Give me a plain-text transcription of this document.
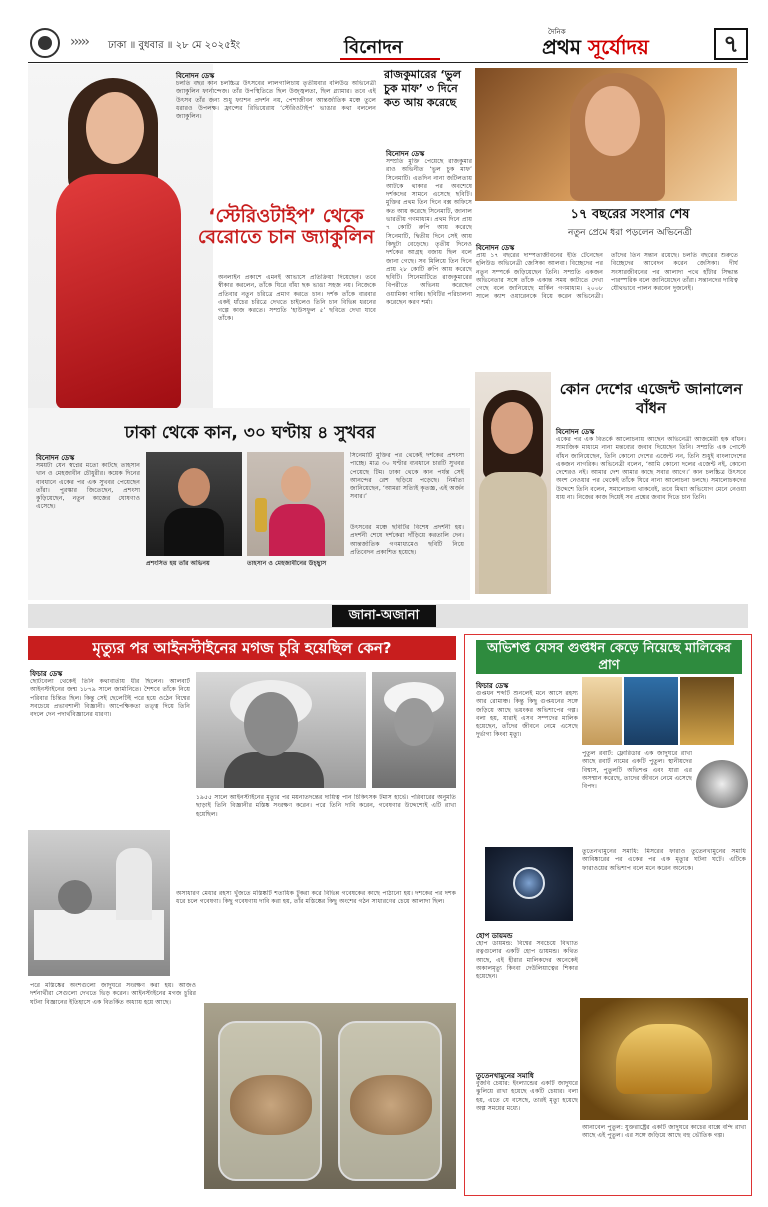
››››› ঢাকা ॥ বুধবার ॥ ২৮ মে ২০২৫ইং	বিনোদন
দৈনিক
প্রথম সূর্যোদয়	৭
বিনোদন ডেস্ক
চলতি বছর কান চলচ্চিত্র উৎসবের লালগালিচায় তৃতীয়বার বলিউড অভিনেত্রী জ্যাকুলিন ফার্নান্দেজ। তাঁর উপস্থিতিতে ছিল উজ্জ্বলতা, ছিল গ্ল্যামার। তবে এই উৎসব তাঁর জন্য শুধু ফ্যাশন প্রদর্শন নয়, পেশাজীবন আন্তর্জাতিক মঞ্চে তুলে ধরারও উপলক্ষ। ফ্রান্সের রিভিয়েরায় ‘স্টেরিওটাইপ’ ভাঙার কথা বললেন জ্যাকুলিন।
‘স্টেরিওটাইপ’ থেকে বেরোতে চান জ্যাকুলিন
অনলাইন প্রকাশে এমনই আভাসে প্রতিক্রিয়া দিয়েছেন। তবে স্বীকার করলেন, তাঁকে ঘিরে বাঁধা ছক ভাঙা সহজ নয়। নিজেকে প্রতিবার নতুন চরিত্রে প্রমাণ করতে চান। দর্শক তাঁকে বারবার একই ধাঁচের চরিত্রে দেখতে চাইলেও তিনি চান বিভিন্ন ধরনের গল্পে কাজ করতে। সম্প্রতি ‘হাউসফুল ৫’ ছবিতে দেখা যাবে তাঁকে।
রাজকুমারের ‘ভুল চুক মাফ’ ৩ দিনে কত আয় করেছে
বিনোদন ডেস্ক
সম্প্রতি মুক্তি পেয়েছে রাজকুমার রাও অভিনীত ‘ভুল চুক মাফ’ সিনেমাটি। এতদিন নানা জটিলতায় আটকে থাকার পর অবশেষে দর্শকদের সামনে এসেছে ছবিটি। মুক্তির প্রথম তিন দিনে বক্স অফিসে কত আয় করেছে সিনেমাটি, জানাল ভারতীয় গণমাধ্যম। প্রথম দিনে প্রায় ৭ কোটি রুপি আয় করেছে সিনেমাটি, দ্বিতীয় দিনে সেই আয় কিছুটা বেড়েছে। তৃতীয় দিনেও দর্শকের আগ্রহ বজায় ছিল বলে জানা গেছে। সব মিলিয়ে তিন দিনে প্রায় ২৮ কোটি রুপি আয় করেছে ছবিটি। সিনেমাটিতে রাজকুমারের বিপরীতে অভিনয় করেছেন ওয়ামিকা গাব্বি। ছবিটির পরিচালনা করেছেন করণ শর্মা।
১৭ বছরের সংসার শেষ
নতুন প্রেমে ধরা পড়লেন অভিনেত্রী
বিনোদন ডেস্ক
প্রায় ১৭ বছরের দাম্পত্যজীবনের ইতি টেনেছেন হলিউড অভিনেত্রী জেসিকা আলবা। বিচ্ছেদের পর নতুন সম্পর্কে জড়িয়েছেন তিনি। সম্প্রতি একজন অভিনেতার সঙ্গে তাঁকে একান্ত সময় কাটাতে দেখা গেছে বলে জানিয়েছে মার্কিন গণমাধ্যম। ২০০৮ সালে ক্যাশ ওয়ারেনকে বিয়ে করেন অভিনেত্রী। তাঁদের তিন সন্তান রয়েছে। চলতি বছরের শুরুতে বিচ্ছেদের আবেদন করেন জেসিকা। দীর্ঘ সংসারজীবনের পর আলাদা পথে হাঁটার সিদ্ধান্ত পারস্পরিক বলে জানিয়েছেন তাঁরা। সন্তানদের দায়িত্ব যৌথভাবে পালন করবেন দুজনেই।
কোন দেশের এজেন্ট জানালেন বাঁধন
বিনোদন ডেস্ক
একের পর এক বিতর্কে আলোচনায় আছেন অভিনেত্রী আজমেরী হক বাঁধন। সামাজিক মাধ্যমে নানা মন্তব্যের জবাব দিয়েছেন তিনি। সম্প্রতি এক পোস্টে বাঁধন জানিয়েছেন, তিনি কোনো দেশের এজেন্ট নন, তিনি শুধুই বাংলাদেশের একজন নাগরিক। অভিনেত্রী বলেন, ‘আমি কোনো দলের এজেন্ট নই, কোনো দেশেরও নই। আমার দেশ আমার কাছে সবার আগে।’ কান চলচ্চিত্র উৎসবে অংশ নেওয়ার পর থেকেই তাঁকে ঘিরে নানা আলোচনা চলছে। সমালোচকদের উদ্দেশে তিনি বলেন, সমালোচনা থাকবেই, তবে মিথ্যা অভিযোগ মেনে নেওয়া যায় না। নিজের কাজ দিয়েই সব প্রশ্নের জবাব দিতে চান তিনি।
ঢাকা থেকে কান, ৩০ ঘণ্টায় ৪ সুখবর
বিনোদন ডেস্ক
সময়টা যেন স্বপ্নের মতো কাটছে তাহসান খান ও মেহজাবীন চৌধুরীর। কয়েক দিনের ব্যবধানে একের পর এক সুখবর পেয়েছেন তাঁরা। পুরস্কার জিতেছেন, প্রশংসা কুড়িয়েছেন, নতুন কাজের ঘোষণাও এসেছে।
প্রশংসিত হয় তাঁর অভিনয়	তাহসান ও মেহজাবীনের উচ্ছ্বাস
সিনেমাটি মুক্তির পর থেকেই দর্শকের প্রশংসা পাচ্ছে। মাত্র ৩০ ঘণ্টার ব্যবধানে চারটি সুখবর পেয়েছে টিম। ঢাকা থেকে কান পর্যন্ত সেই আনন্দের রেশ ছড়িয়ে পড়েছে। নির্মাতা জানিয়েছেন, ‘আমরা সত্যিই কৃতজ্ঞ, এই অর্জন সবার।’
উৎসবের মঞ্চে ছবিটির বিশেষ প্রদর্শনী হয়। প্রদর্শনী শেষে দর্শকেরা দাঁড়িয়ে করতালি দেন। আন্তর্জাতিক গণমাধ্যমেও ছবিটি নিয়ে প্রতিবেদন প্রকাশিত হয়েছে।
জানা-অজানা
মৃত্যুর পর আইনস্টাইনের মগজ চুরি হয়েছিল কেন?
ফিচার ডেস্ক
ছোটবেলা থেকেই তিনি কথাবার্তায় ধীর ছিলেন। আলবার্ট আইনস্টাইনের জন্ম ১৮৭৯ সালে জার্মানিতে। শৈশবে তাঁকে নিয়ে পরিবার চিন্তিত ছিল। কিন্তু সেই ছেলেটিই পরে হয়ে ওঠেন বিশ্বের সবচেয়ে প্রভাবশালী বিজ্ঞানী। আপেক্ষিকতা তত্ত্ব দিয়ে তিনি বদলে দেন পদার্থবিজ্ঞানের ধারণা।
১৯৫৫ সালে আইনস্টাইনের মৃত্যুর পর ময়নাতদন্তের দায়িত্ব পান চিকিৎসক টমাস হার্ভে। পরিবারের অনুমতি ছাড়াই তিনি বিজ্ঞানীর মস্তিষ্ক সংরক্ষণ করেন। পরে তিনি দাবি করেন, গবেষণার উদ্দেশ্যেই এটি রাখা হয়েছিল।
অসাধারণ মেধার রহস্য খুঁজতে মস্তিষ্কটি শতাধিক টুকরা করে বিভিন্ন গবেষকের কাছে পাঠানো হয়। দশকের পর দশক ধরে চলে গবেষণা। কিছু গবেষণায় দাবি করা হয়, তাঁর মস্তিষ্কের কিছু অংশের গঠন সাধারণের চেয়ে আলাদা ছিল।
পরে মস্তিষ্কের অংশগুলো জাদুঘরে সংরক্ষণ করা হয়। আজও দর্শনার্থীরা সেগুলো দেখতে ভিড় করেন। আইনস্টাইনের মগজ চুরির ঘটনা বিজ্ঞানের ইতিহাসে এক বিতর্কিত অধ্যায় হয়ে আছে।
অভিশপ্ত যেসব গুপ্তধন কেড়ে নিয়েছে মালিকের প্রাণ
ফিচার ডেস্ক
গুপ্তধন শব্দটি শুনলেই মনে আসে রহস্য আর রোমাঞ্চ। কিন্তু কিছু গুপ্তধনের সঙ্গে জড়িয়ে আছে ভয়ংকর অভিশাপের গল্প। বলা হয়, যারাই এসব সম্পদের মালিক হয়েছেন, তাঁদের জীবনে নেমে এসেছে দুর্ভাগ্য কিংবা মৃত্যু।
পুতুল রবার্ট: ফ্লোরিডার এক জাদুঘরে রাখা আছে রবার্ট নামের একটি পুতুল। স্থানীয়দের বিশ্বাস, পুতুলটি অভিশপ্ত এবং যারা এর অসম্মান করেছে, তাদের জীবনে নেমে এসেছে বিপদ।
হোপ ডায়মন্ড
হোপ ডায়মন্ড: বিশ্বের সবচেয়ে বিখ্যাত রত্নগুলোর একটি হোপ ডায়মন্ড। কথিত আছে, এই হীরার মালিকদের অনেকেই অকালমৃত্যু কিংবা দেউলিয়াত্বের শিকার হয়েছেন।
তুতেনখামুনের সমাধি: মিসরের ফারাও তুতেনখামুনের সমাধি আবিষ্কারের পর একের পর এক মৃত্যুর ঘটনা ঘটে। এটিকে ফারাওয়ের অভিশাপ বলে মনে করেন অনেকে।
তুতেনখামুনের সমাধি
বুজবি চেয়ার: ইংল্যান্ডের একটি জাদুঘরে ঝুলিয়ে রাখা হয়েছে একটি চেয়ার। বলা হয়, এতে যে বসেছে, তারই মৃত্যু হয়েছে অল্প সময়ের মধ্যে।
আনাবেল পুতুল: যুক্তরাষ্ট্রের একটি জাদুঘরে কাচের বাক্সে বন্দি রাখা আছে এই পুতুল। এর সঙ্গে জড়িয়ে আছে বহু ভৌতিক গল্প।
